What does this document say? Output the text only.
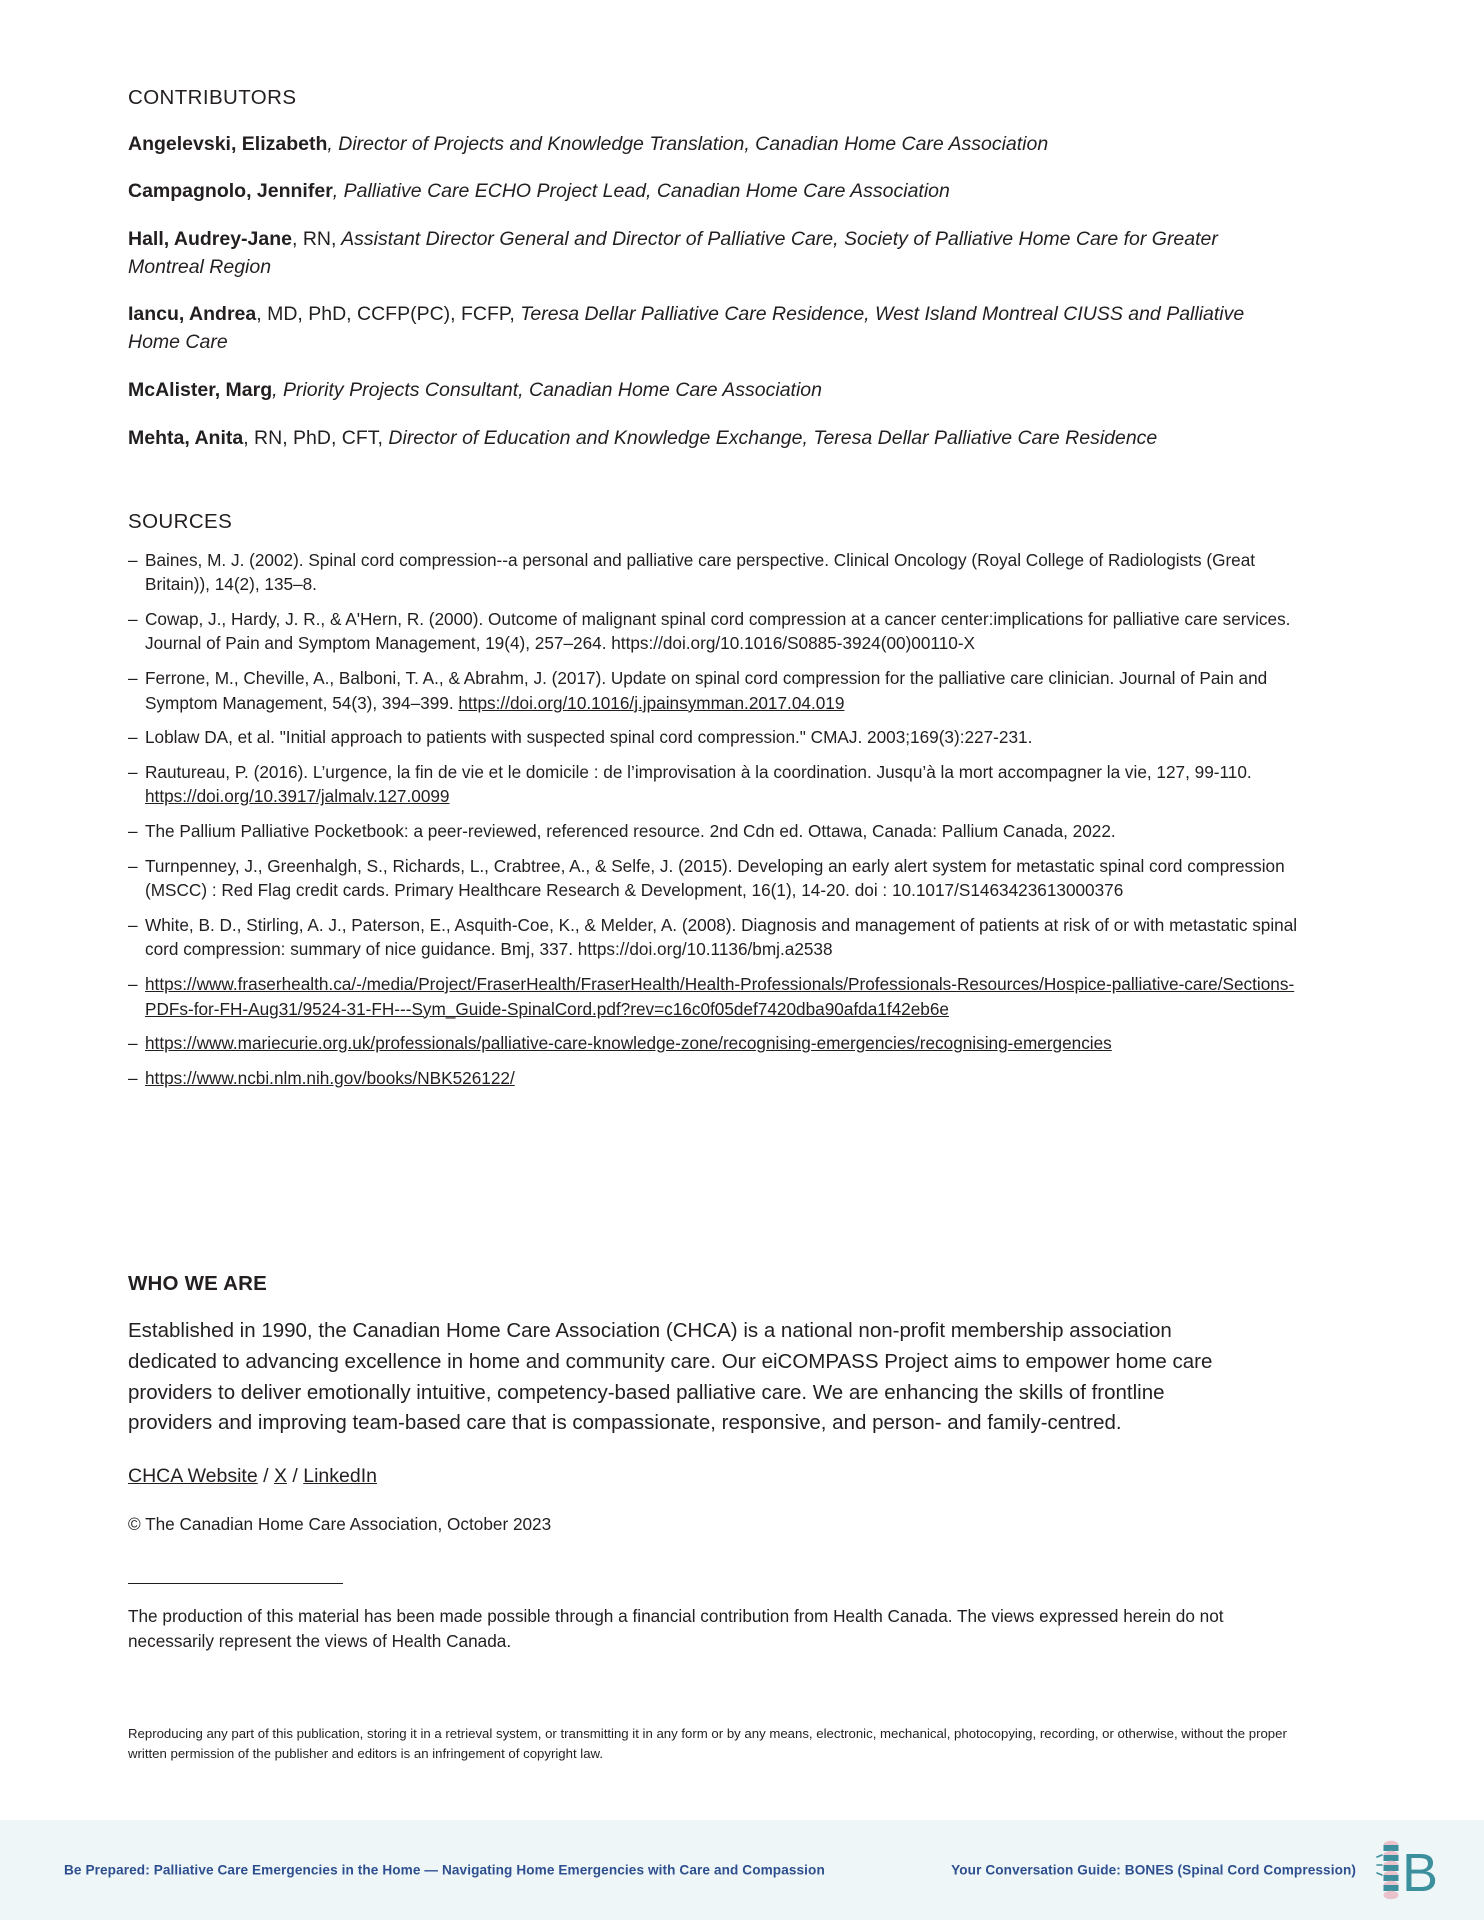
CONTRIBUTORS

Angelevski, Elizabeth, Director of Projects and Knowledge Translation, Canadian Home Care Association

Campagnolo, Jennifer, Palliative Care ECHO Project Lead, Canadian Home Care Association

Hall, Audrey-Jane, RN, Assistant Director General and Director of Palliative Care, Society of Palliative Home Care for Greater Montreal Region

Iancu, Andrea, MD, PhD, CCFP(PC), FCFP, Teresa Dellar Palliative Care Residence, West Island Montreal CIUSS and Palliative Home Care

McAlister, Marg, Priority Projects Consultant, Canadian Home Care Association

Mehta, Anita, RN, PhD, CFT, Director of Education and Knowledge Exchange, Teresa Dellar Palliative Care Residence

SOURCES
– Baines, M. J. (2002). Spinal cord compression--a personal and palliative care perspective. Clinical Oncology (Royal College of Radiologists (Great Britain)), 14(2), 135–8.
– Cowap, J., Hardy, J. R., & A'Hern, R. (2000). Outcome of malignant spinal cord compression at a cancer center:implications for palliative care services. Journal of Pain and Symptom Management, 19(4), 257–264. https://doi.org/10.1016/S0885-3924(00)00110-X
– Ferrone, M., Cheville, A., Balboni, T. A., & Abrahm, J. (2017). Update on spinal cord compression for the palliative care clinician. Journal of Pain and Symptom Management, 54(3), 394–399. https://doi.org/10.1016/j.jpainsymman.2017.04.019
– Loblaw DA, et al. "Initial approach to patients with suspected spinal cord compression." CMAJ. 2003;169(3):227-231.
– Rautureau, P. (2016). L’urgence, la fin de vie et le domicile : de l’improvisation à la coordination. Jusqu’à la mort accompagner la vie, 127, 99-110. https://doi.org/10.3917/jalmalv.127.0099
– The Pallium Palliative Pocketbook: a peer-reviewed, referenced resource. 2nd Cdn ed. Ottawa, Canada: Pallium Canada, 2022.
– Turnpenney, J., Greenhalgh, S., Richards, L., Crabtree, A., & Selfe, J. (2015). Developing an early alert system for metastatic spinal cord compression (MSCC) : Red Flag credit cards. Primary Healthcare Research & Development, 16(1), 14-20. doi : 10.1017/S1463423613000376
– White, B. D., Stirling, A. J., Paterson, E., Asquith-Coe, K., & Melder, A. (2008). Diagnosis and management of patients at risk of or with metastatic spinal cord compression: summary of nice guidance. Bmj, 337. https://doi.org/10.1136/bmj.a2538
– https://www.fraserhealth.ca/-/media/Project/FraserHealth/FraserHealth/Health-Professionals/Professionals-Resources/Hospice-palliative-care/Sections-PDFs-for-FH-Aug31/9524-31-FH---Sym_Guide-SpinalCord.pdf?rev=c16c0f05def7420dba90afda1f42eb6e
– https://www.mariecurie.org.uk/professionals/palliative-care-knowledge-zone/recognising-emergencies/recognising-emergencies
– https://www.ncbi.nlm.nih.gov/books/NBK526122/
WHO WE ARE

Established in 1990, the Canadian Home Care Association (CHCA) is a national non-profit membership association dedicated to advancing excellence in home and community care. Our eiCOMPASS Project aims to empower home care providers to deliver emotionally intuitive, competency-based palliative care. We are enhancing the skills of frontline providers and improving team-based care that is compassionate, responsive, and person- and family-centred.

CHCA Website / X / LinkedIn

© The Canadian Home Care Association, October 2023

The production of this material has been made possible through a financial contribution from Health Canada. The views expressed herein do not necessarily represent the views of Health Canada.

Reproducing any part of this publication, storing it in a retrieval system, or transmitting it in any form or by any means, electronic, mechanical, photocopying, recording, or otherwise, without the proper written permission of the publisher and editors is an infringement of copyright law.
Be Prepared: Palliative Care Emergencies in the Home — Navigating Home Emergencies with Care and Compassion	Your Conversation Guide: BONES (Spinal Cord Compression) B
